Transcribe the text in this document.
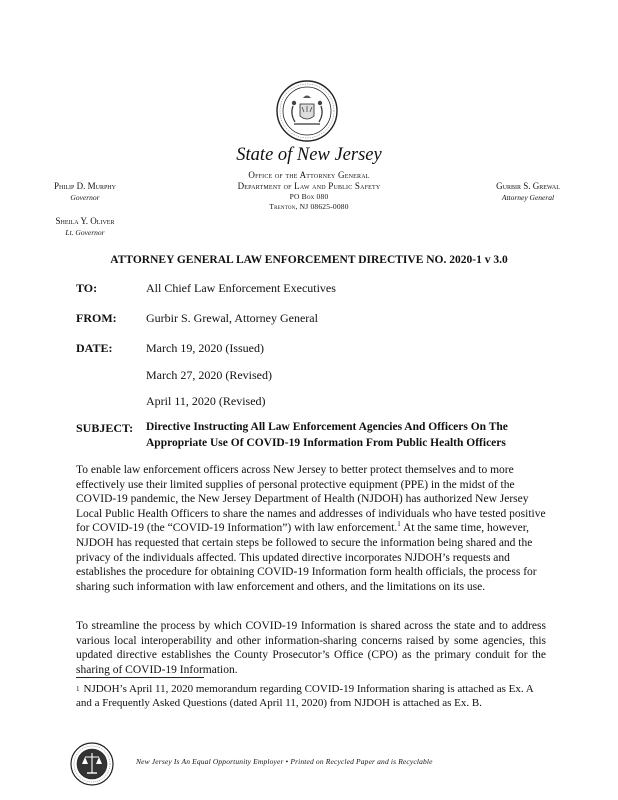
State of New Jersey
Office of the Attorney General
Department of Law and Public Safety
PO Box 080
Trenton, NJ 08625-0080
Philip D. Murphy
Governor
Sheila Y. Oliver
Lt. Governor
Gurbir S. Grewal
Attorney General
ATTORNEY GENERAL LAW ENFORCEMENT DIRECTIVE NO. 2020-1 v 3.0
TO:	All Chief Law Enforcement Executives
FROM: Gurbir S. Grewal, Attorney General
DATE:	March 19, 2020 (Issued)
March 27, 2020 (Revised)
April 11, 2020 (Revised)
SUBJECT: Directive Instructing All Law Enforcement Agencies And Officers On The Appropriate Use Of COVID-19 Information From Public Health Officers
To enable law enforcement officers across New Jersey to better protect themselves and to more effectively use their limited supplies of personal protective equipment (PPE) in the midst of the COVID-19 pandemic, the New Jersey Department of Health (NJDOH) has authorized New Jersey Local Public Health Officers to share the names and addresses of individuals who have tested positive for COVID-19 (the “COVID-19 Information”) with law enforcement.$^1$ At the same time, however, NJDOH has requested that certain steps be followed to secure the information being shared and the privacy of the individuals affected. This updated directive incorporates NJDOH’s requests and establishes the procedure for obtaining COVID-19 Information form health officials, the process for sharing such information with law enforcement and others, and the limitations on its use.
To streamline the process by which COVID-19 Information is shared across the state and to address various local interoperability and other information-sharing concerns raised by some agencies, this updated directive establishes the County Prosecutor’s Office (CPO) as the primary conduit for the sharing of COVID-19 Information.
$^1$ NJDOH’s April 11, 2020 memorandum regarding COVID-19 Information sharing is attached as Ex. A and a Frequently Asked Questions (dated April 11, 2020) from NJDOH is attached as Ex. B.
New Jersey Is An Equal Opportunity Employer • Printed on Recycled Paper and is Recyclable
